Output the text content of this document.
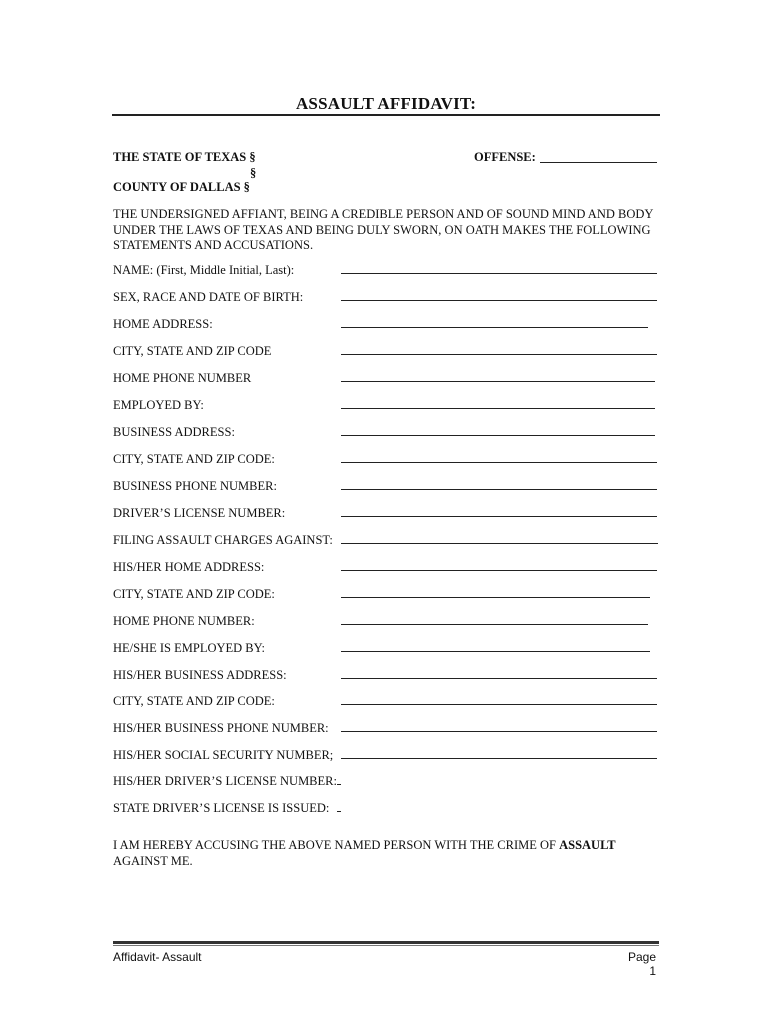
ASSAULT AFFIDAVIT:
THE STATE OF TEXAS §
§
COUNTY OF DALLAS §
OFFENSE:
THE UNDERSIGNED AFFIANT, BEING A CREDIBLE PERSON AND OF SOUND MIND AND BODY UNDER THE LAWS OF TEXAS AND BEING DULY SWORN, ON OATH MAKES THE FOLLOWING STATEMENTS AND ACCUSATIONS.
NAME: (First, Middle Initial, Last):
SEX, RACE AND DATE OF BIRTH:
HOME ADDRESS:
CITY, STATE AND ZIP CODE
HOME PHONE NUMBER
EMPLOYED BY:
BUSINESS ADDRESS:
CITY, STATE AND ZIP CODE:
BUSINESS PHONE NUMBER:
DRIVER’S LICENSE NUMBER:
FILING ASSAULT CHARGES AGAINST:
HIS/HER HOME ADDRESS:
CITY, STATE AND ZIP CODE:
HOME PHONE NUMBER:
HE/SHE IS EMPLOYED BY:
HIS/HER BUSINESS ADDRESS:
CITY, STATE AND ZIP CODE:
HIS/HER BUSINESS PHONE NUMBER:
HIS/HER SOCIAL SECURITY NUMBER;
HIS/HER DRIVER’S LICENSE NUMBER:
STATE DRIVER’S LICENSE IS ISSUED:
I AM HEREBY ACCUSING THE ABOVE NAMED PERSON WITH THE CRIME OF ASSAULT AGAINST ME.
Affidavit- Assault	Page 1
